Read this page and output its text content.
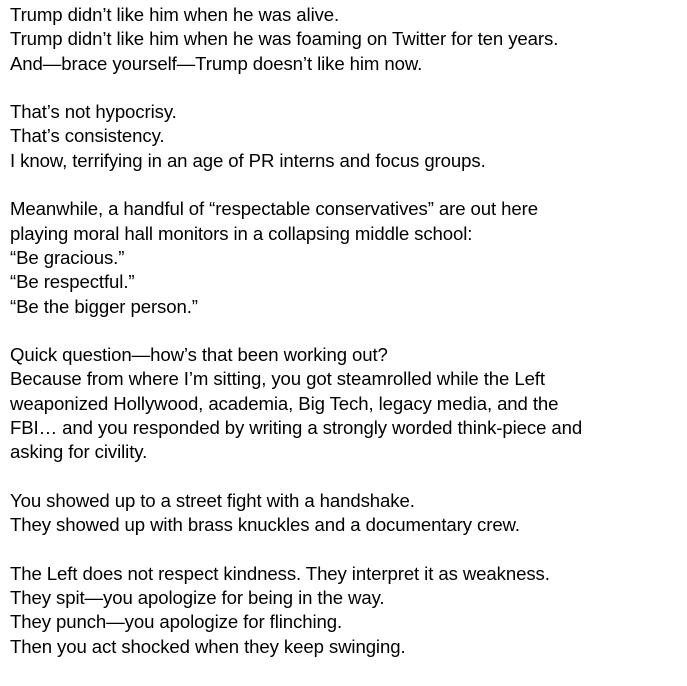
Trump didn’t like him when he was alive.
Trump didn’t like him when he was foaming on Twitter for ten years.
And—brace yourself—Trump doesn’t like him now.

That’s not hypocrisy.
That’s consistency.
I know, terrifying in an age of PR interns and focus groups.

Meanwhile, a handful of “respectable conservatives” are out here
playing moral hall monitors in a collapsing middle school:
“Be gracious.”
“Be respectful.”
“Be the bigger person.”

Quick question—how’s that been working out?
Because from where I’m sitting, you got steamrolled while the Left
weaponized Hollywood, academia, Big Tech, legacy media, and the
FBI… and you responded by writing a strongly worded think-piece and
asking for civility.

You showed up to a street fight with a handshake.
They showed up with brass knuckles and a documentary crew.

The Left does not respect kindness. They interpret it as weakness.
They spit—you apologize for being in the way.
They punch—you apologize for flinching.
Then you act shocked when they keep swinging.
